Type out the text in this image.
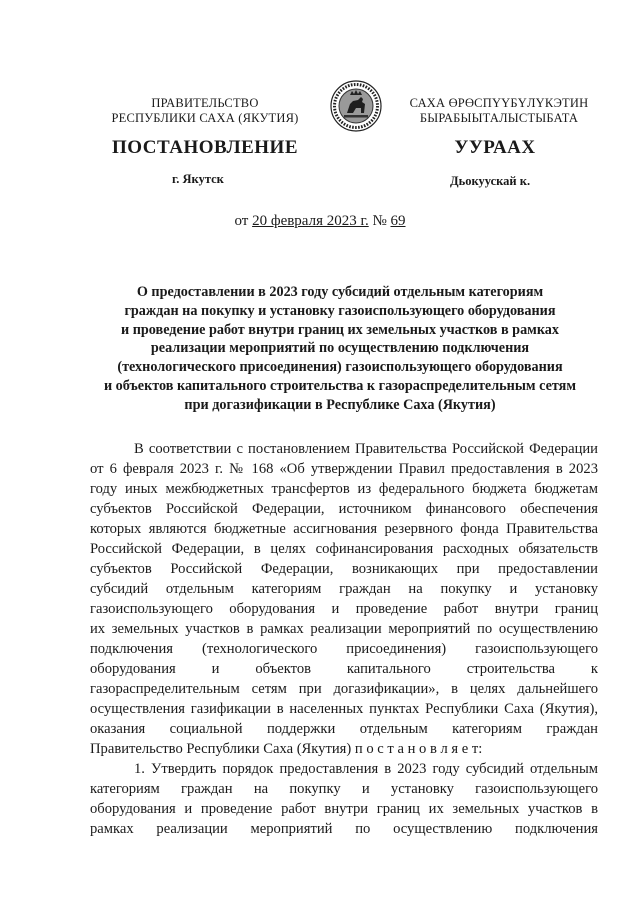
ПРАВИТЕЛЬСТВО
РЕСПУБЛИКИ САХА (ЯКУТИЯ)
САХА ӨРӨСПҮҮБҮЛҮКЭТИН
БЫРАБЫЫТАЛЫСТЫБАТА
ПОСТАНОВЛЕНИЕ	УУРААХ
г. Якутск	Дьокуускай к.
от 20 февраля 2023 г. № 69
О предоставлении в 2023 году субсидий отдельным категориям
граждан на покупку и установку газоиспользующего оборудования
и проведение работ внутри границ их земельных участков в рамках
реализации мероприятий по осуществлению подключения
(технологического присоединения) газоиспользующего оборудования
и объектов капитального строительства к газораспределительным сетям
при догазификации в Республике Саха (Якутия)
В соответствии с постановлением Правительства Российской Федерации
от 6 февраля 2023 г. № 168 «Об утверждении Правил предоставления в 2023
году иных межбюджетных трансфертов из федерального бюджета бюджетам
субъектов Российской Федерации, источником финансового обеспечения
которых являются бюджетные ассигнования резервного фонда Правительства
Российской Федерации, в целях софинансирования расходных обязательств
субъектов Российской Федерации, возникающих при предоставлении
субсидий отдельным категориям граждан на покупку и установку
газоиспользующего оборудования и проведение работ внутри границ
их земельных участков в рамках реализации мероприятий по осуществлению
подключения (технологического присоединения) газоиспользующего
оборудования и объектов капитального строительства к
газораспределительным сетям при догазификации», в целях дальнейшего
осуществления газификации в населенных пунктах Республики Саха (Якутия),
оказания социальной поддержки отдельным категориям граждан
Правительство Республики Саха (Якутия) п о с т а н о в л я е т:
1. Утвердить порядок предоставления в 2023 году субсидий отдельным
категориям граждан на покупку и установку газоиспользующего
оборудования и проведение работ внутри границ их земельных участков в
рамках реализации мероприятий по осуществлению подключения
